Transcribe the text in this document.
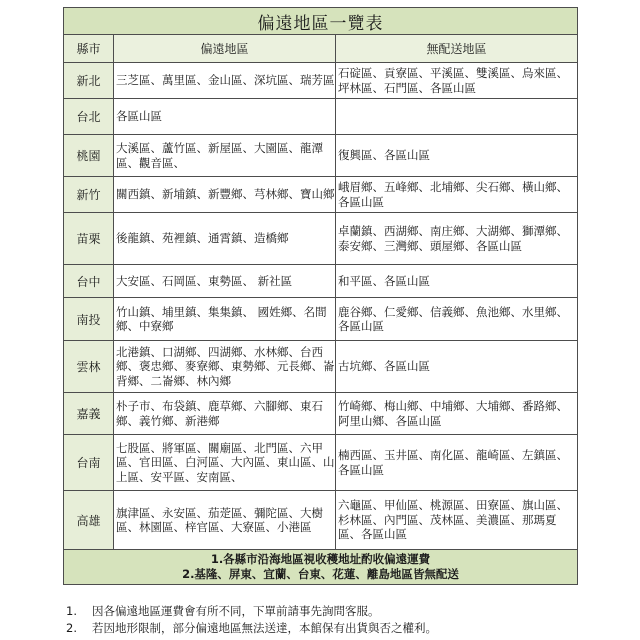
偏遠地區一覽表		
縣市	偏遠地區	無配送地區
新北	三芝區、萬里區、金山區、深坑區、瑞芳區	石碇區、貢寮區、平溪區、雙溪區、烏來區、坪林區、石門區、各區山區
台北	各區山區	
桃園	大溪區、蘆竹區、新屋區、大園區、龍潭區、觀音區、	復興區、各區山區
新竹	關西鎮、新埔鎮、新豐鄉、芎林鄉、寶山鄉	峨眉鄉、五峰鄉、北埔鄉、尖石鄉、橫山鄉、各區山區
苗栗	後龍鎮、苑裡鎮、通霄鎮、造橋鄉	卓蘭鎮、西湖鄉、南庄鄉、大湖鄉、獅潭鄉、泰安鄉、三灣鄉、頭屋鄉、各區山區
台中	大安區、石岡區、東勢區、 新社區	和平區、各區山區
南投	竹山鎮、埔里鎮、集集鎮、 國姓鄉、名間鄉、中寮鄉	鹿谷鄉、仁愛鄉、信義鄉、魚池鄉、水里鄉、各區山區
雲林	北港鎮、口湖鄉、四湖鄉、水林鄉、台西鄉、褒忠鄉、麥寮鄉、東勢鄉、元長鄉、崙背鄉、二崙鄉、林內鄉	古坑鄉、各區山區
嘉義	朴子市、布袋鎮、鹿草鄉、六腳鄉、東石鄉、義竹鄉、新港鄉	竹崎鄉、梅山鄉、中埔鄉、大埔鄉、番路鄉、阿里山鄉、各區山區
台南	七股區、將軍區、關廟區、北門區、六甲區、官田區、白河區、大內區、東山區、山上區、安平區、安南區、	楠西區、玉井區、南化區、龍崎區、左鎮區、各區山區
高雄	旗津區、永安區、茄萣區、彌陀區、大樹區、林園區、梓官區、大寮區、小港區	六龜區、甲仙區、桃源區、田寮區、旗山區、杉林區、內門區、茂林區、美濃區、那瑪夏區、各區山區

1.各縣市沿海地區視收穫地址酌收偏遠運費
2.基隆、屏東、宜蘭、台東、花蓮、離島地區皆無配送		
1.	因各偏遠地區運費會有所不同，下單前請事先詢問客服。
2.	若因地形限制，部分偏遠地區無法送達，本館保有出貨與否之權利。
